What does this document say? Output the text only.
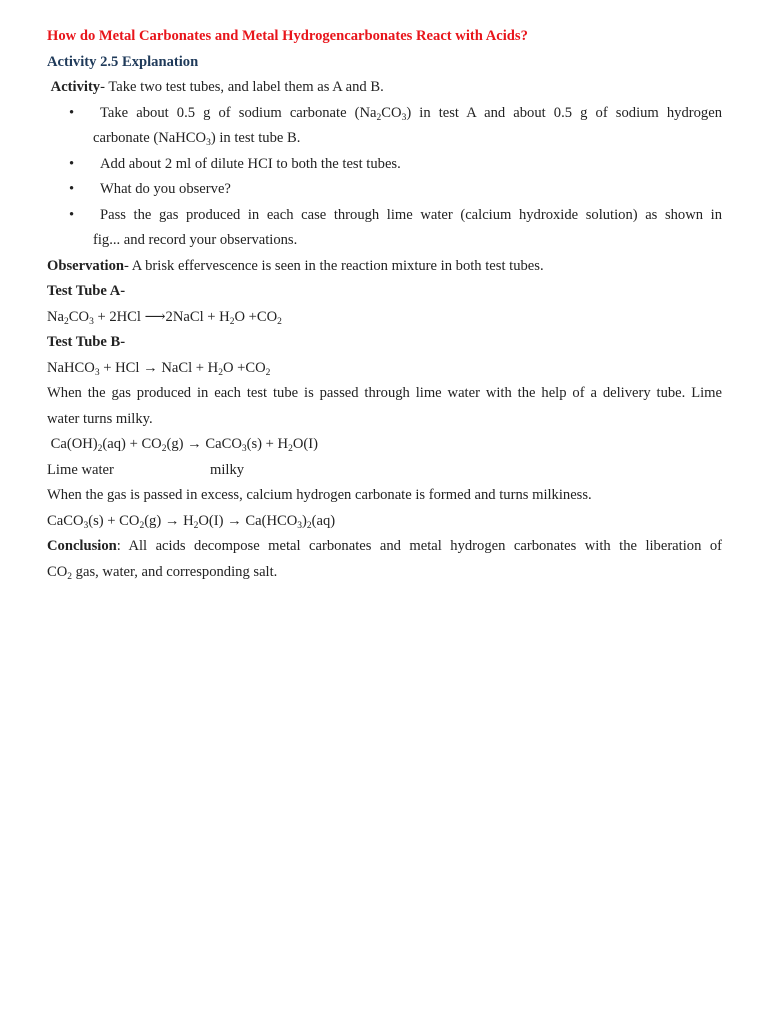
How do Metal Carbonates and Metal Hydrogencarbonates React with Acids?

Activity 2.5 Explanation

Activity- Take two test tubes, and label them as A and B.

•	Take about 0.5 g of sodium carbonate $(Na_2CO_3)$ in test A and about 0.5 g of sodium hydrogen
carbonate (NaHCO$_3$) in test tube B.
•	Add about 2 ml of dilute HCI to both the test tubes.
•	What do you observe?
•	Pass the gas produced in each case through lime water (calcium hydroxide solution) as shown in
fig... and record your observations.

Observation- A brisk effervescence is seen in the reaction mixture in both test tubes.

Test Tube A-

$Na_2CO_3 + 2HCl$ ⟶2NaCl + $H_2O +CO_2$

Test Tube B-

NaHCO$_3$ + HCl → NaCl + $H_2O +CO_2$

When the gas produced in each test tube is passed through lime water with the help of a delivery tube. Lime
water turns milky.

$Ca(OH)_2(aq) + CO_2(g)$ → CaCO$_3$(s) + $H_2O(I)$

Lime water	milky

When the gas is passed in excess, calcium hydrogen carbonate is formed and turns milkiness.

CaCO$_3$(s) + $CO_2(g) \to H_2O(I) \to Ca(HCO_3)_2(aq)$

Conclusion: All acids decompose metal carbonates and metal hydrogen carbonates with the liberation of
$CO_2$ gas, water, and corresponding salt.
